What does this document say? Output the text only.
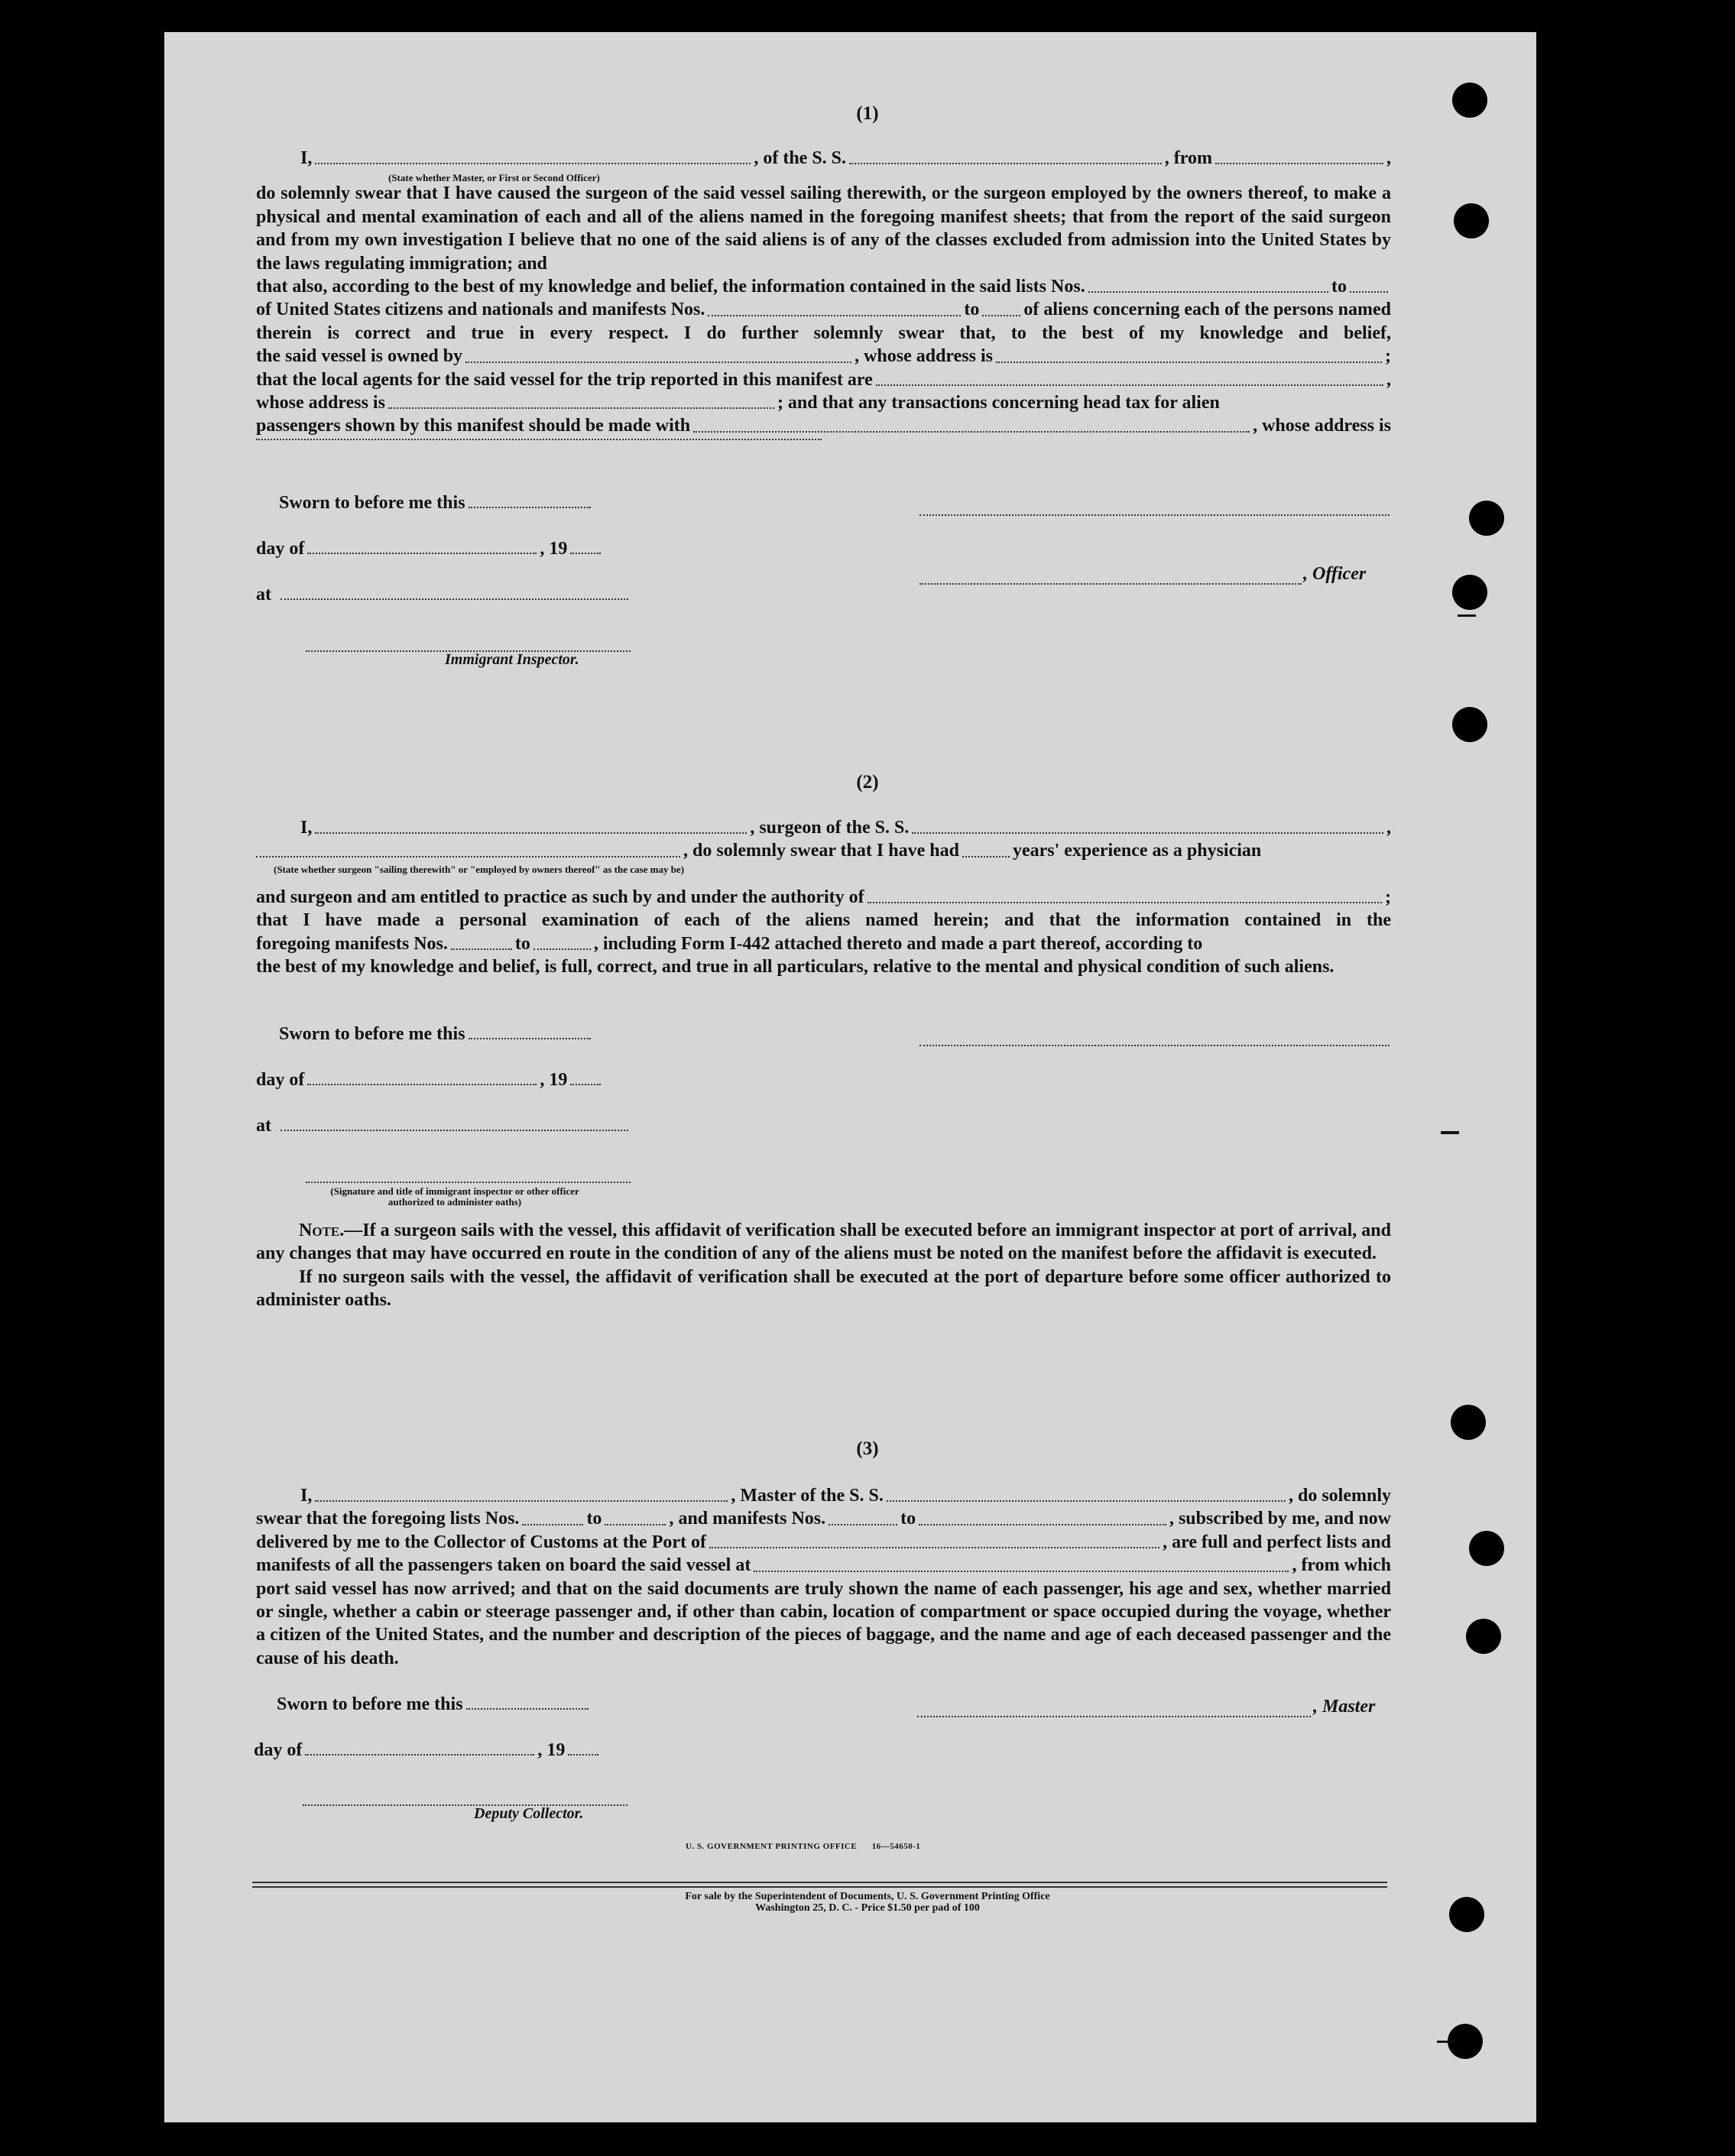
(1)
I,	, of the S. S.	, from	,
do solemnly swear that I have caused the surgeon of the said vessel sailing therewith, or the surgeon employed by the owners thereof, to make a physical and mental examination of each and all of the aliens named in the foregoing manifest sheets; that from the report of the said surgeon and from my own investigation I believe that no one of the said aliens is of any of the classes excluded from admission into the United States by the laws regulating immigration; and
that also, according to the best of my knowledge and belief, the information contained in the said lists Nos.	to
of United States citizens and nationals and manifests Nos.	to of aliens concerning each of the persons named
therein is correct and true in every respect. I do further solemnly swear that, to the best of my knowledge and belief,
the said vessel is owned by	, whose address is	;
that the local agents for the said vessel for the trip reported in this manifest are	,
whose address is	; and that any transactions concerning head tax for alien
passengers shown by this manifest should be made with	, whose address is
(State whether Master, or First or Second Officer)
Sworn to before me this
day of	, 19
at
Immigrant Inspector.
, Officer
(2)
I,	, surgeon of the S. S.	,
, do solemnly swear that I have had	years' experience as a physician
and surgeon and am entitled to practice as such by and under the authority of	;
that I have made a personal examination of each of the aliens named herein; and that the information contained in the
foregoing manifests Nos.	to	, including Form I-442 attached thereto and made a part thereof, according to
the best of my knowledge and belief, is full, correct, and true in all particulars, relative to the mental and physical condition of such aliens.
(State whether surgeon "sailing therewith" or "employed by owners thereof" as the case may be)
Sworn to before me this
day of	, 19
at
(Signature and title of immigrant inspector or other officer authorized to administer oaths)
Note.—If a surgeon sails with the vessel, this affidavit of verification shall be executed before an immigrant inspector at port of arrival, and any changes that may have occurred en route in the condition of any of the aliens must be noted on the manifest before the affidavit is executed.
If no surgeon sails with the vessel, the affidavit of verification shall be executed at the port of departure before some officer authorized to administer oaths.
(3)
I,	, Master of the S. S.	, do solemnly
swear that the foregoing lists Nos.	to	, and manifests Nos.	to	, subscribed by me, and now
delivered by me to the Collector of Customs at the Port of	, are full and perfect lists and
manifests of all the passengers taken on board the said vessel at	, from which
port said vessel has now arrived; and that on the said documents are truly shown the name of each passenger, his age and sex, whether married or single, whether a cabin or steerage passenger and, if other than cabin, location of compartment or space occupied during the voyage, whether a citizen of the United States, and the number and description of the pieces of baggage, and the name and age of each deceased passenger and the cause of his death.
Sworn to before me this
day of	, 19
Deputy Collector.
, Master
U. S. GOVERNMENT PRINTING OFFICE      16—54650-1
For sale by the Superintendent of Documents, U. S. Government Printing Office
Washington 25, D. C. - Price $1.50 per pad of 100
